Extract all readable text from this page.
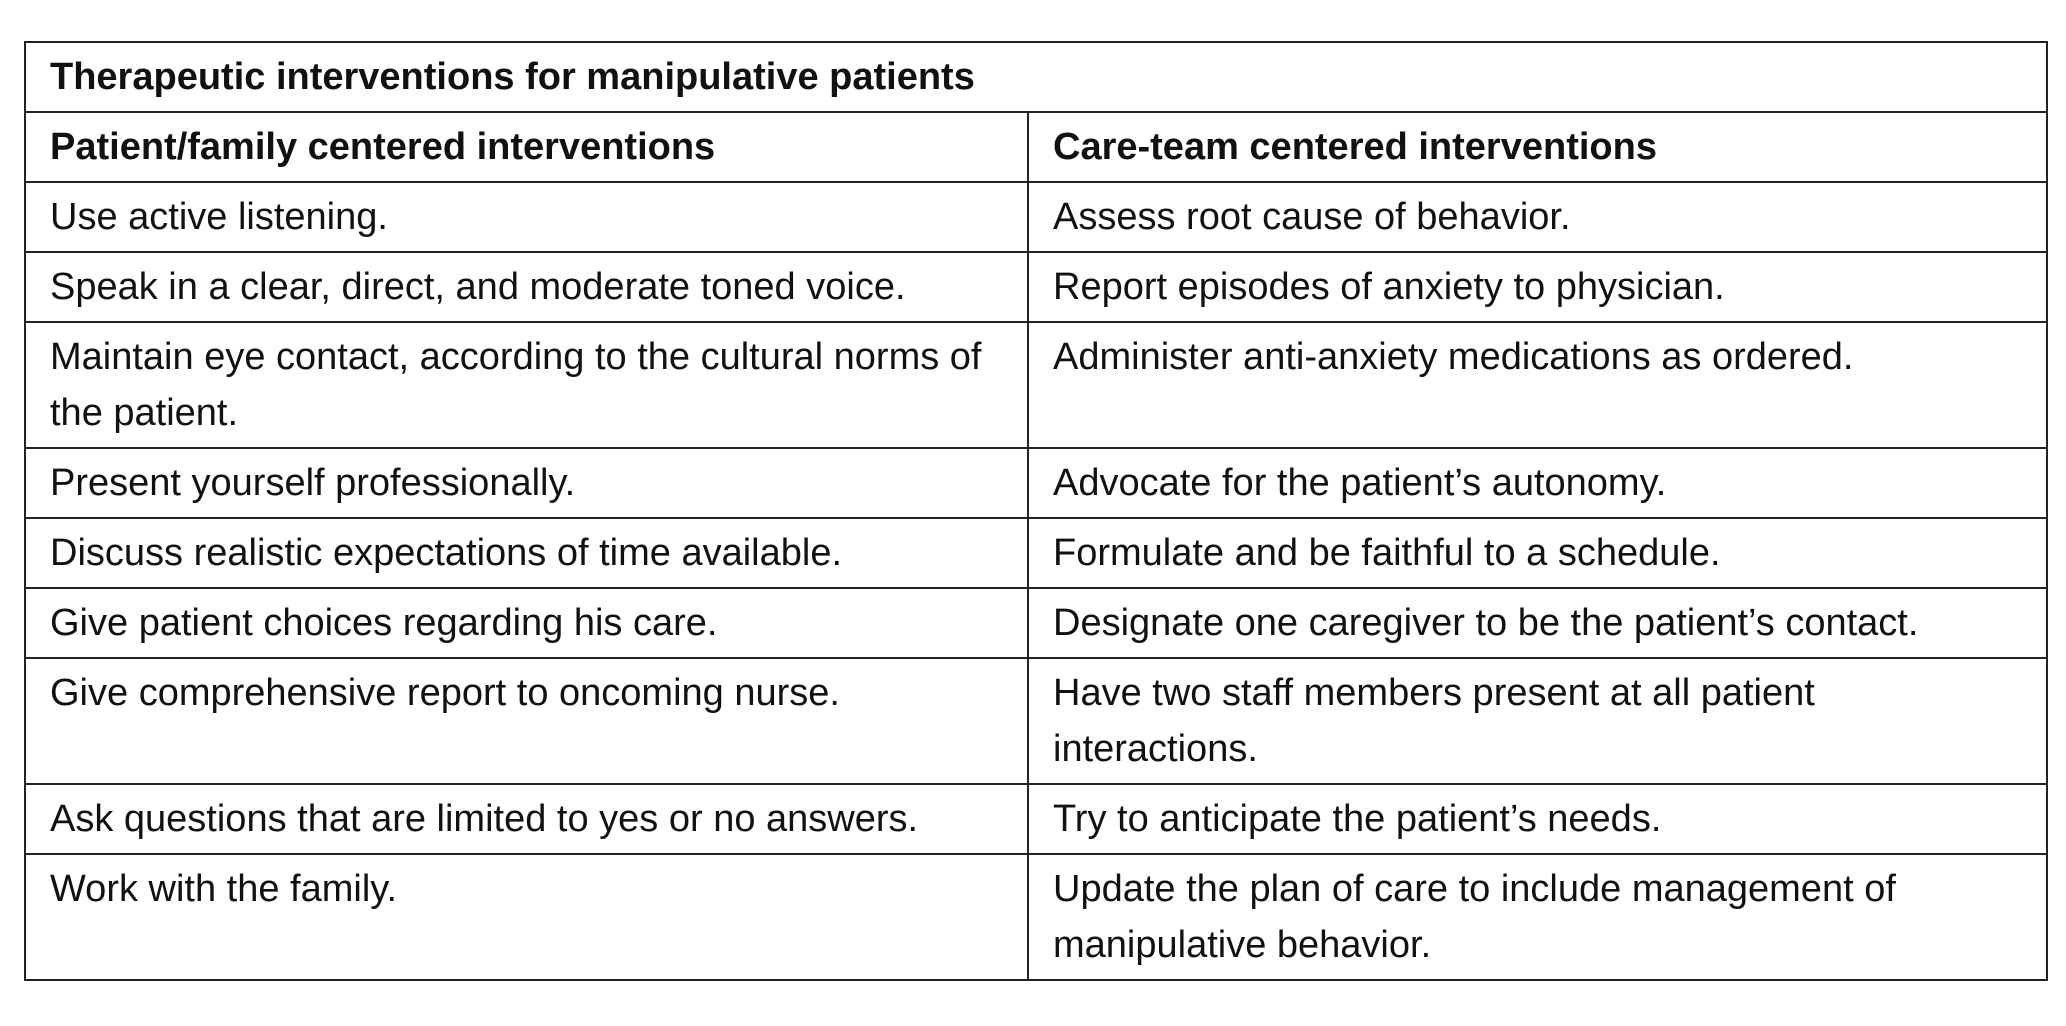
Therapeutic interventions for manipulative patients	
Patient/family centered interventions	Care-team centered interventions
Use active listening.	Assess root cause of behavior.
Speak in a clear, direct, and moderate toned voice.	Report episodes of anxiety to physician.
Maintain eye contact, according to the cultural norms of the patient.	Administer anti-anxiety medications as ordered.
Present yourself professionally.	Advocate for the patient’s autonomy.
Discuss realistic expectations of time available.	Formulate and be faithful to a schedule.
Give patient choices regarding his care.	Designate one caregiver to be the patient’s contact.
Give comprehensive report to oncoming nurse.	Have two staff members present at all patient interactions.
Ask questions that are limited to yes or no answers.	Try to anticipate the patient’s needs.
Work with the family.	Update the plan of care to include management of manipulative behavior.
